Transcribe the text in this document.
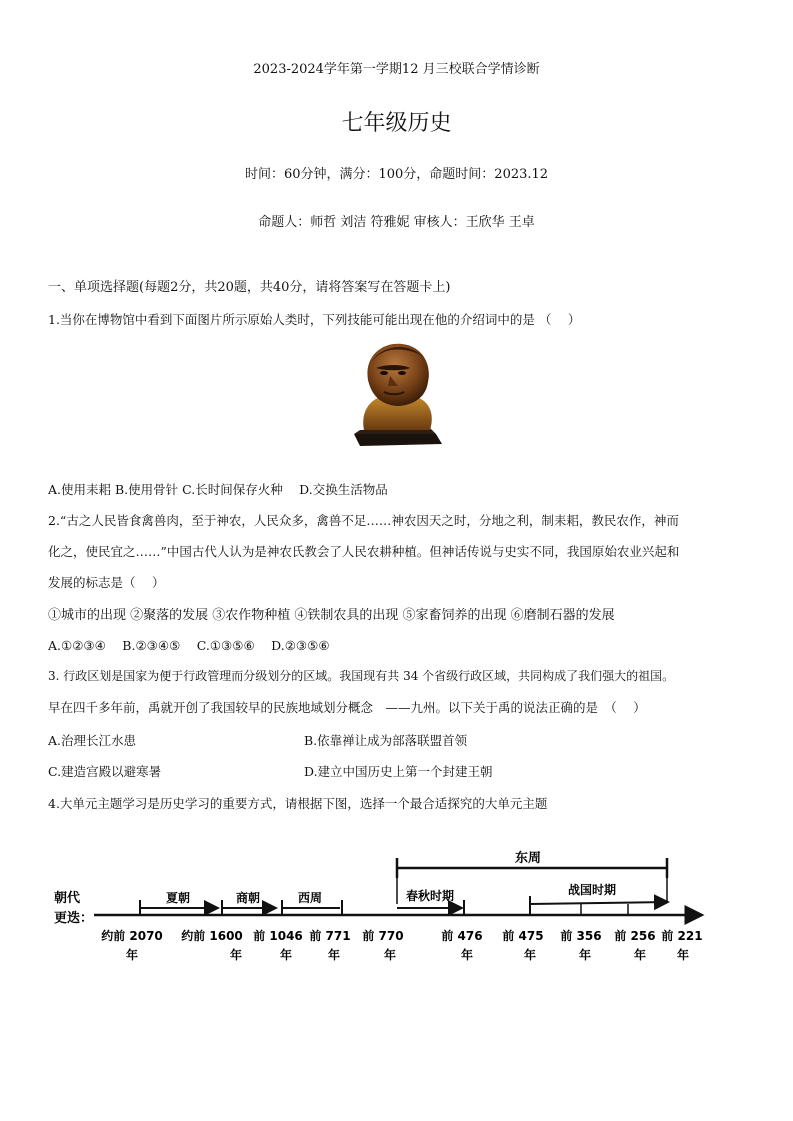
2023-2024学年第一学期12 月三校联合学情诊断
七年级历史
时间：60分钟，满分：100分，命题时间：2023.12
命题人：师哲 刘洁 符雅妮 审核人：王欣华 王卓
一、单项选择题(每题2分，共20题，共40分，请将答案写在答题卡上)
1.当你在博物馆中看到下面图片所示原始人类时，下列技能可能出现在他的介绍词中的是 （　 ）
A.使用耒耜 B.使用骨针 C.长时间保存火种　 D.交换生活物品
2.“古之人民皆食禽兽肉，至于神农，人民众多，禽兽不足……神农因天之时，分地之利，制耒耜，教民农作，神而
化之，使民宜之……”中国古代人认为是神农氏教会了人民农耕种植。但神话传说与史实不同，我国原始农业兴起和
发展的标志是（　 ）
①城市的出现 ②聚落的发展 ③农作物种植 ④铁制农具的出现 ⑤家畜饲养的出现 ⑥磨制石器的发展
A.①②③④　 B.②③④⑤　 C.①③⑤⑥　 D.②③⑤⑥
3. 行政区划是国家为便于行政管理而分级划分的区域。我国现有共 34 个省级行政区域，共同构成了我们强大的祖国。
早在四千多年前，禹就开创了我国较早的民族地域划分概念　——九州。以下关于禹的说法正确的是　（　 ）
A.治理长江水患	B.依靠禅让成为部落联盟首领
C.建造宫殿以避寒暑	D.建立中国历史上第一个封建王朝
4.大单元主题学习是历史学习的重要方式，请根据下图，选择一个最合适探究的大单元主题
朝代
更迭：
东周
夏朝	商朝	西周	春秋时期	战国时期
约前 2070
年
约前 1600
年
前 1046
年
前 771
年
前 770
年
前 476
年
前 475
年
前 356
年
前 256
年
前 221
年
